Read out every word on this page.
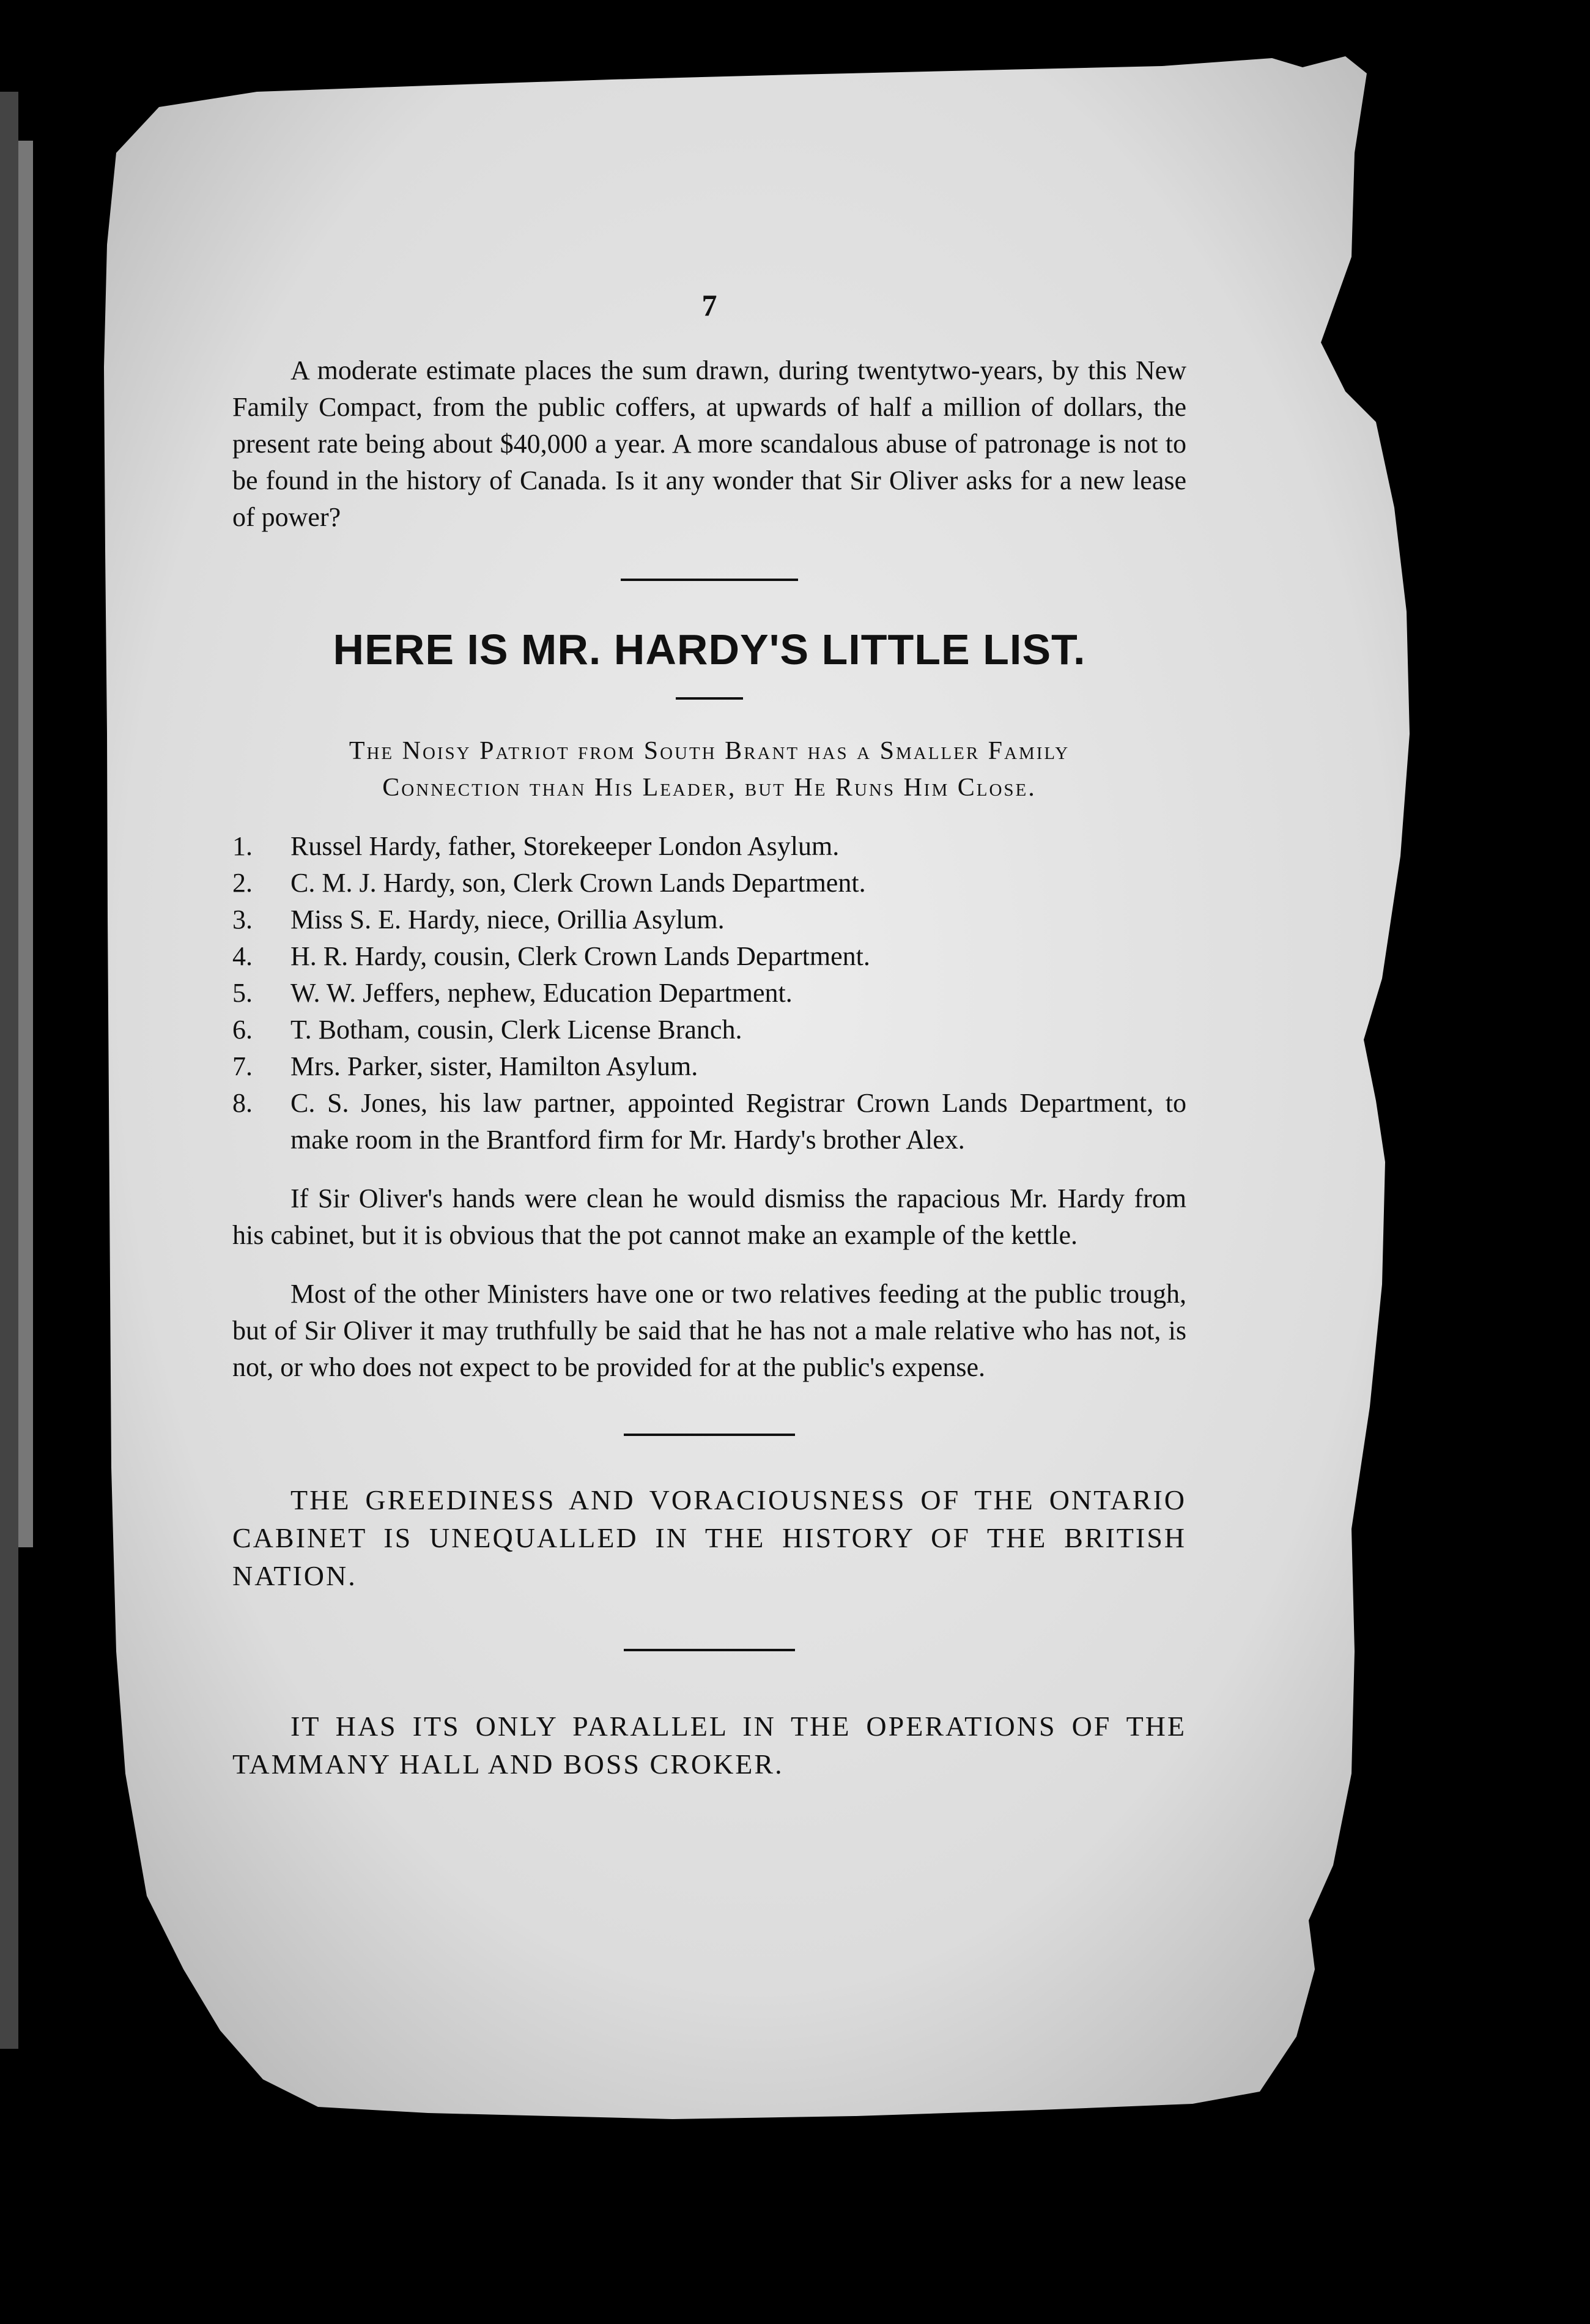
7

A moderate estimate places the sum drawn, during twentytwo-years, by this New Family Compact, from the public coffers, at upwards of half a million of dollars, the present rate being about $40,000 a year. A more scandalous abuse of patronage is not to be found in the history of Canada. Is it any wonder that Sir Oliver asks for a new lease of power?

HERE IS MR. HARDY'S LITTLE LIST.
The Noisy Patriot from South Brant has a Smaller Family
Connection than His Leader, but He Runs Him Close.
1. Russel Hardy, father, Storekeeper London Asylum.
2. C. M. J. Hardy, son, Clerk Crown Lands Department.
3. Miss S. E. Hardy, niece, Orillia Asylum.
4. H. R. Hardy, cousin, Clerk Crown Lands Department.
5. W. W. Jeffers, nephew, Education Department.
6. T. Botham, cousin, Clerk License Branch.
7. Mrs. Parker, sister, Hamilton Asylum.
8. C. S. Jones, his law partner, appointed Registrar Crown Lands Department, to make room in the Brantford firm for Mr. Hardy's brother Alex.

If Sir Oliver's hands were clean he would dismiss the rapacious Mr. Hardy from his cabinet, but it is obvious that the pot cannot make an example of the kettle.

Most of the other Ministers have one or two relatives feeding at the public trough, but of Sir Oliver it may truthfully be said that he has not a male relative who has not, is not, or who does not expect to be provided for at the public's expense.

THE GREEDINESS AND VORACIOUSNESS OF THE ONTARIO CABINET IS UNEQUALLED IN THE HISTORY OF THE BRITISH NATION.

IT HAS ITS ONLY PARALLEL IN THE OPERATIONS OF THE TAMMANY HALL AND BOSS CROKER.
